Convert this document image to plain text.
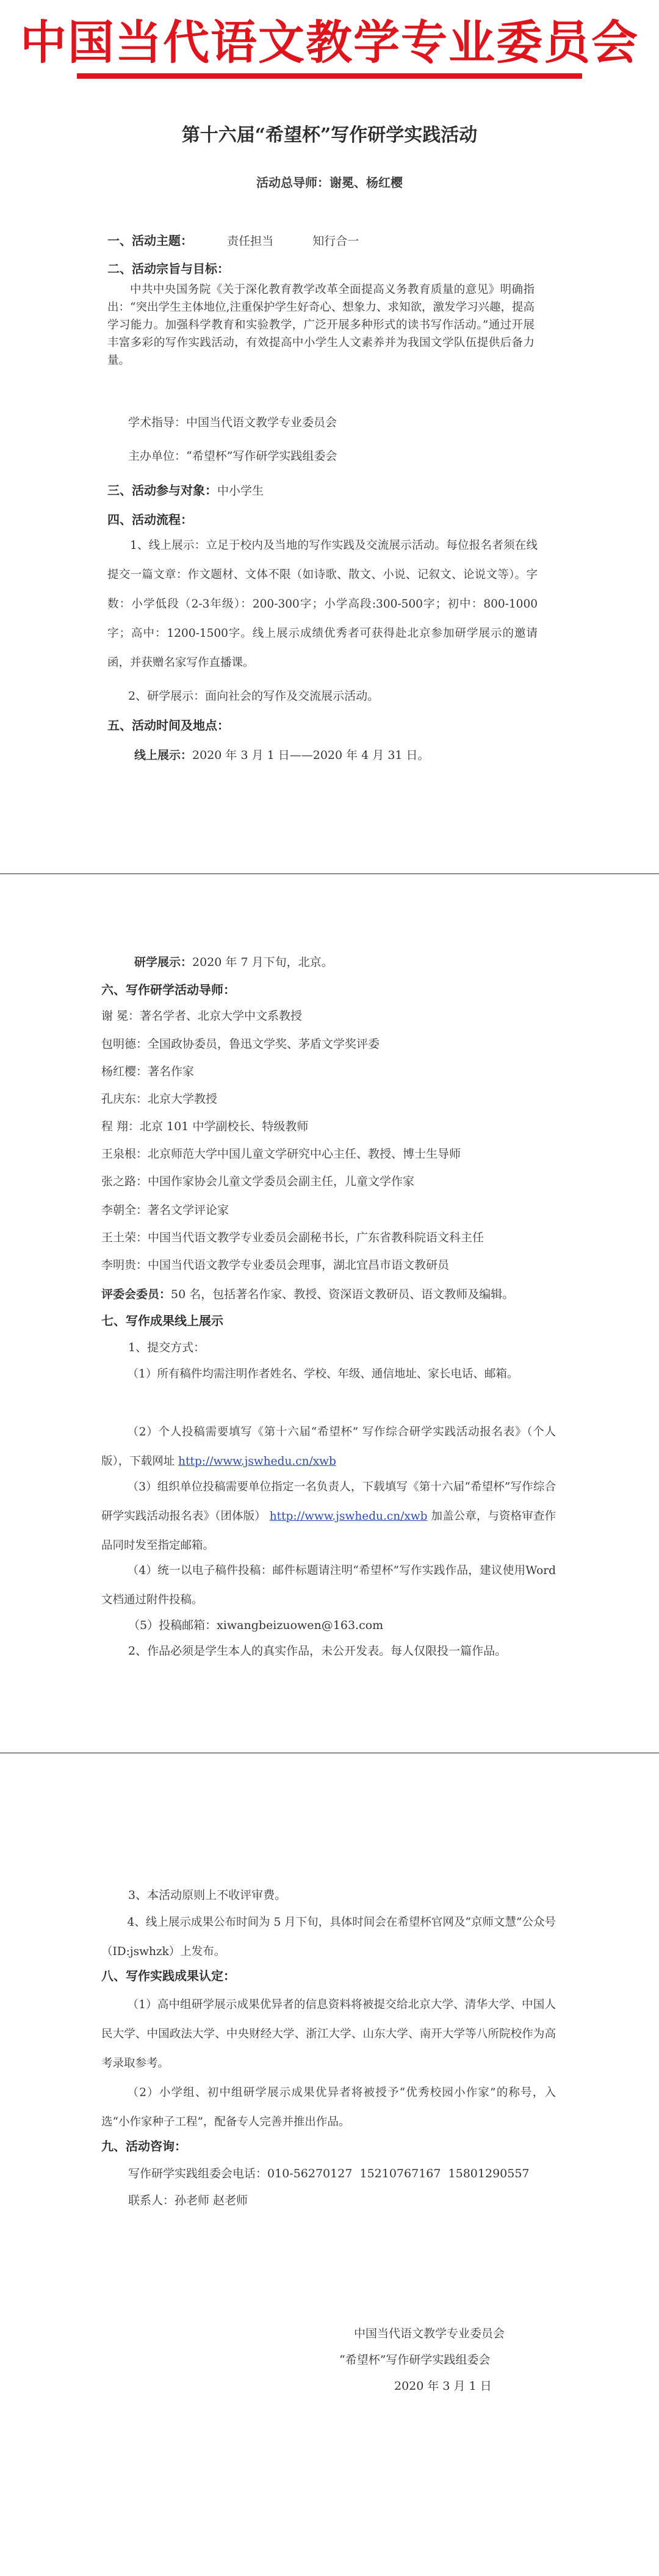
中国当代语文教学专业委员会
第十六届“希望杯”写作研学实践活动
活动总导师：谢冕、杨红樱
一、活动主题：	责任担当	知行合一
二、活动宗旨与目标：
中共中央国务院《关于深化教育教学改革全面提高义务教育质量的意见》明确指出：“突出学生主体地位,注重保护学生好奇心、想象力、求知欲，激发学习兴趣，提高学习能力。加强科学教育和实验教学，广泛开展多种形式的读书写作活动。”通过开展丰富多彩的写作实践活动，有效提高中小学生人文素养并为我国文学队伍提供后备力量。
学术指导：中国当代语文教学专业委员会
主办单位：“希望杯”写作研学实践组委会
三、活动参与对象：中小学生
四、活动流程：
1、线上展示：立足于校内及当地的写作实践及交流展示活动。每位报名者须在线提交一篇文章：作文题材、文体不限（如诗歌、散文、小说、记叙文、论说文等）。字数：小学低段（2-3年级）：200-300字；小学高段:300-500字；初中：800-1000字；高中：1200-1500字。线上展示成绩优秀者可获得赴北京参加研学展示的邀请函，并获赠名家写作直播课。
2、研学展示：面向社会的写作及交流展示活动。
五、活动时间及地点：
线上展示：2020 年 3 月 1 日——2020 年 4 月 31 日。
研学展示：2020 年 7 月下旬，北京。
六、写作研学活动导师：
谢 冕：著名学者、北京大学中文系教授
包明德：全国政协委员，鲁迅文学奖、茅盾文学奖评委
杨红樱：著名作家
孔庆东：北京大学教授
程 翔：北京 101 中学副校长、特级教师
王泉根：北京师范大学中国儿童文学研究中心主任、教授、博士生导师
张之路：中国作家协会儿童文学委员会副主任，儿童文学作家
李朝全：著名文学评论家
王土荣：中国当代语文教学专业委员会副秘书长，广东省教科院语文科主任
李明贵：中国当代语文教学专业委员会理事，湖北宜昌市语文教研员
评委会委员：50 名，包括著名作家、教授、资深语文教研员、语文教师及编辑。
七、写作成果线上展示
1、提交方式：
（1）所有稿件均需注明作者姓名、学校、年级、通信地址、家长电话、邮箱。
（2）个人投稿需要填写《第十六届“希望杯” 写作综合研学实践活动报名表》（个人版），下载网址 http://www.jswhedu.cn/xwb
（3）组织单位投稿需要单位指定一名负责人，下载填写《第十六届“希望杯”写作综合研学实践活动报名表》（团体版） http://www.jswhedu.cn/xwb 加盖公章，与资格审查作品同时发至指定邮箱。
（4）统一以电子稿件投稿：邮件标题请注明“希望杯”写作实践作品，建议使用Word文档通过附件投稿。
（5）投稿邮箱：xiwangbeizuowen@163.com
2、作品必须是学生本人的真实作品，未公开发表。每人仅限投一篇作品。
3、本活动原则上不收评审费。
4、线上展示成果公布时间为 5 月下旬，具体时间会在希望杯官网及“京师文慧”公众号（ID:jswhzk）上发布。
八、写作实践成果认定：
（1）高中组研学展示成果优异者的信息资料将被提交给北京大学、清华大学、中国人民大学、中国政法大学、中央财经大学、浙江大学、山东大学、南开大学等八所院校作为高考录取参考。
（2）小学组、初中组研学展示成果优异者将被授予“优秀校园小作家”的称号，入选“小作家种子工程”，配备专人完善并推出作品。
九、活动咨询：
写作研学实践组委会电话：010-56270127  15210767167  15801290557
联系人：孙老师 赵老师
中国当代语文教学专业委员会
“希望杯”写作研学实践组委会
2020 年 3 月 1 日
